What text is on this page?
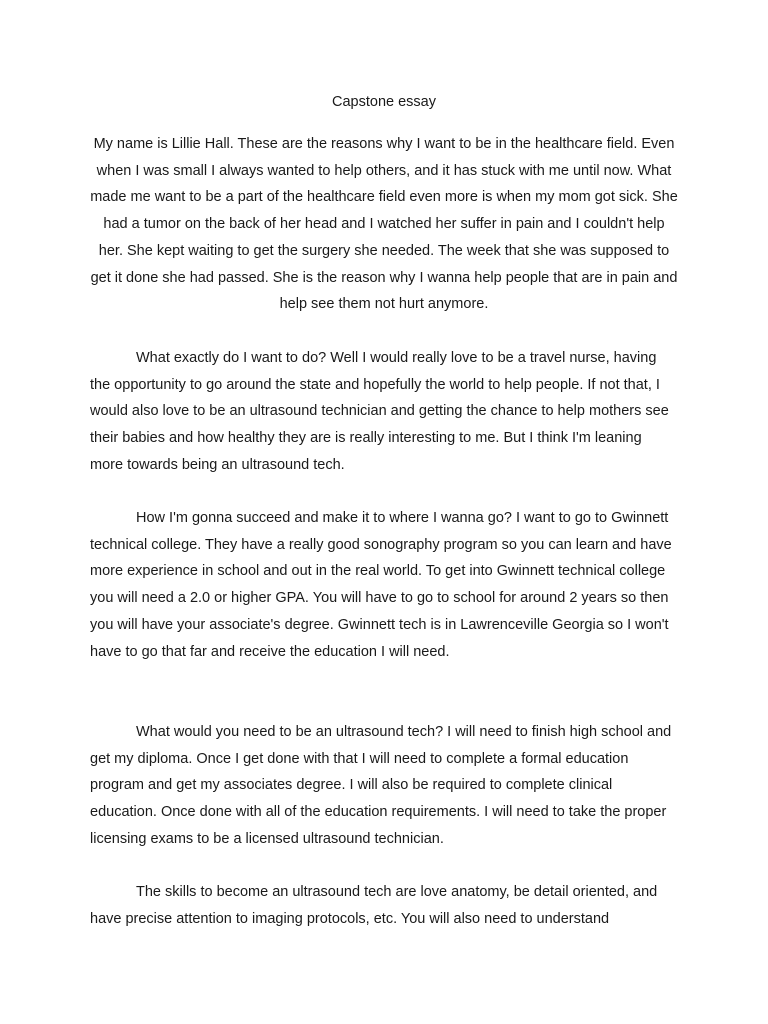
Capstone essay

My name is Lillie Hall. These are the reasons why I want to be in the healthcare field. Even when I was small I always wanted to help others, and it has stuck with me until now. What made me want to be a part of the healthcare field even more is when my mom got sick. She had a tumor on the back of her head and I watched her suffer in pain and I couldn't help her. She kept waiting to get the surgery she needed. The week that she was supposed to get it done she had passed. She is the reason why I wanna help people that are in pain and help see them not hurt anymore.

What exactly do I want to do? Well I would really love to be a travel nurse, having the opportunity to go around the state and hopefully the world to help people. If not that, I would also love to be an ultrasound technician and getting the chance to help mothers see their babies and how healthy they are is really interesting to me. But I think I'm leaning more towards being an ultrasound tech.

How I'm gonna succeed and make it to where I wanna go? I want to go to Gwinnett technical college. They have a really good sonography program so you can learn and have more experience in school and out in the real world. To get into Gwinnett technical college you will need a 2.0 or higher GPA. You will have to go to school for around 2 years so then you will have your associate's degree. Gwinnett tech is in Lawrenceville Georgia so I won't have to go that far and receive the education I will need.

What would you need to be an ultrasound tech? I will need to finish high school and get my diploma. Once I get done with that I will need to complete a formal education program and get my associates degree. I will also be required to complete clinical education. Once done with all of the education requirements. I will need to take the proper licensing exams to be a licensed ultrasound technician.

The skills to become an ultrasound tech are love anatomy, be detail oriented, and have precise attention to imaging protocols, etc. You will also need to understand
